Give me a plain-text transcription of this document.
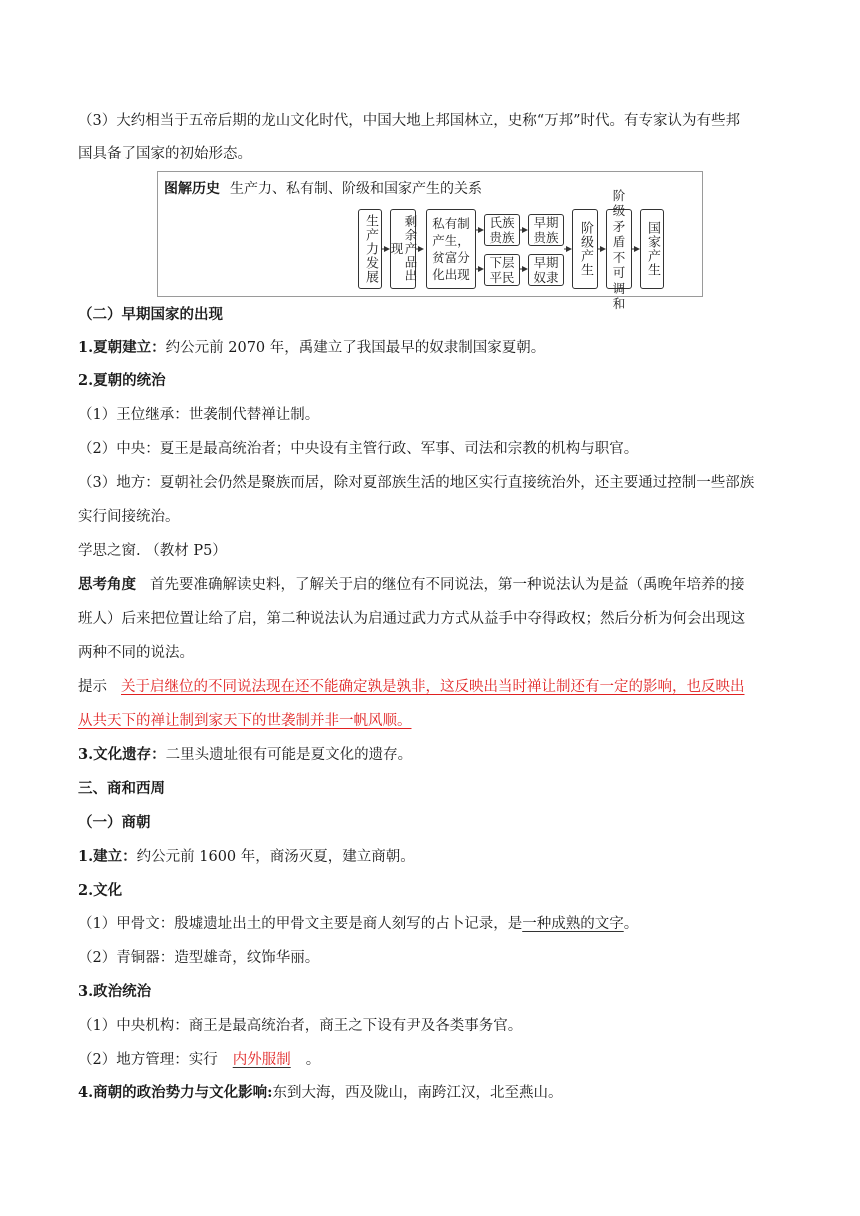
（3）大约相当于五帝后期的龙山文化时代，中国大地上邦国林立，史称“万邦”时代。有专家认为有些邦
国具备了国家的初始形态。
（二）早期国家的出现
1.夏朝建立：约公元前 2070 年，禹建立了我国最早的奴隶制国家夏朝。
2.夏朝的统治
（1）王位继承：世袭制代替禅让制。
（2）中央：夏王是最高统治者；中央设有主管行政、军事、司法和宗教的机构与职官。
（3）地方：夏朝社会仍然是聚族而居，除对夏部族生活的地区实行直接统治外，还主要通过控制一些部族
实行间接统治。
学思之窗. （教材 P5）
思考角度 首先要准确解读史料，了解关于启的继位有不同说法，第一种说法认为是益（禹晚年培养的接
班人）后来把位置让给了启，第二种说法认为启通过武力方式从益手中夺得政权；然后分析为何会出现这
两种不同的说法。
提示 关于启继位的不同说法现在还不能确定孰是孰非，这反映出当时禅让制还有一定的影响，也反映出
从共天下的禅让制到家天下的世袭制并非一帆风顺。
3.文化遗存：二里头遗址很有可能是夏文化的遗存。
三、商和西周
（一）商朝
1.建立：约公元前 1600 年，商汤灭夏，建立商朝。
2.文化
（1）甲骨文：殷墟遗址出土的甲骨文主要是商人刻写的占卜记录，是一种成熟的文字。
（2）青铜器：造型雄奇，纹饰华丽。
3.政治统治
（1）中央机构：商王是最高统治者，商王之下设有尹及各类事务官。
（2）地方管理：实行 内外服制 。
4.商朝的政治势力与文化影响:东到大海，西及陇山，南跨江汉，北至燕山。
图解历史 生产力、私有制、阶级和国家产生的关系
生产力发展	剩余产品出现
私有制产生，贫富分化出现
氏族贵族
下层平民
早期贵族
早期奴隶
阶级产生
阶级矛盾不可调和
国家产生
